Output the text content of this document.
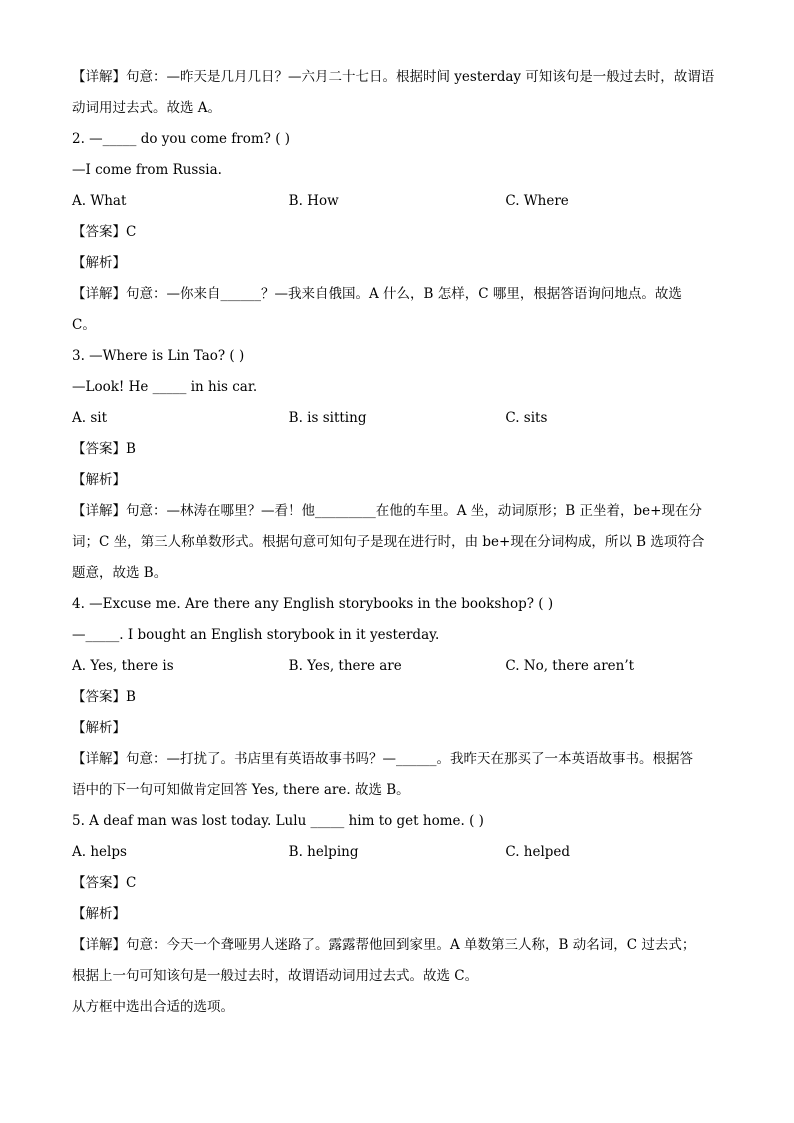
【详解】句意：—昨天是几月几日？—六月二十七日。根据时间 yesterday 可知该句是一般过去时，故谓语
动词用过去式。故选 A。
2. —_____ do you come from? ( )
—I come from Russia.
A. What	B. How	C. Where
【答案】C
【解析】
【详解】句意：—你来自______？—我来自俄国。A 什么，B 怎样，C 哪里，根据答语询问地点。故选
C。
3. —Where is Lin Tao? ( )
—Look! He _____ in his car.
A. sit	B. is sitting	C. sits
【答案】B
【解析】
【详解】句意：—林涛在哪里？—看！他_________在他的车里。A 坐，动词原形；B 正坐着，be+现在分
词；C 坐，第三人称单数形式。根据句意可知句子是现在进行时，由 be+现在分词构成，所以 B 选项符合
题意，故选 B。
4. —Excuse me. Are there any English storybooks in the bookshop? ( )
—_____. I bought an English storybook in it yesterday.
A. Yes, there is	B. Yes, there are	C. No, there aren’t
【答案】B
【解析】
【详解】句意：—打扰了。书店里有英语故事书吗？—______。我昨天在那买了一本英语故事书。根据答
语中的下一句可知做肯定回答 Yes, there are. 故选 B。
5. A deaf man was lost today. Lulu _____ him to get home. ( )
A. helps	B. helping	C. helped
【答案】C
【解析】
【详解】句意：今天一个聋哑男人迷路了。露露帮他回到家里。A 单数第三人称，B 动名词，C 过去式；
根据上一句可知该句是一般过去时，故谓语动词用过去式。故选 C。
从方框中选出合适的选项。
